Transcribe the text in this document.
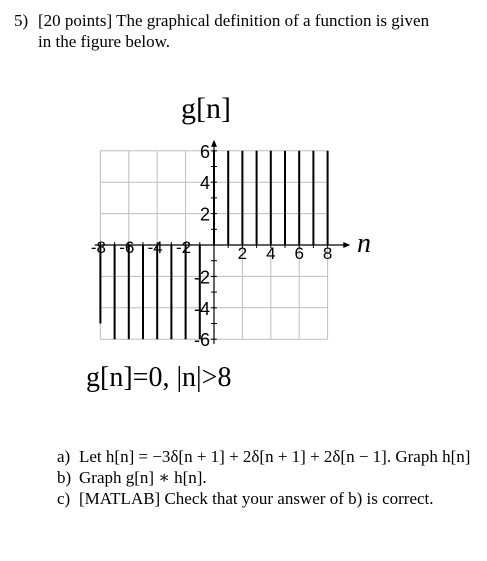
5) [20 points] The graphical definition of a function is given
in the figure below.
g[n]
6
4
2
-2
-4
-6
-8 -6 -4 -2	2 4 6 8 n
g[n]=0, |n|>8
a) Let h[n] = −3δ[n + 1] + 2δ[n + 1] + 2δ[n − 1]. Graph h[n]
b) Graph g[n] ∗ h[n].
c) [MATLAB] Check that your answer of b) is correct.
